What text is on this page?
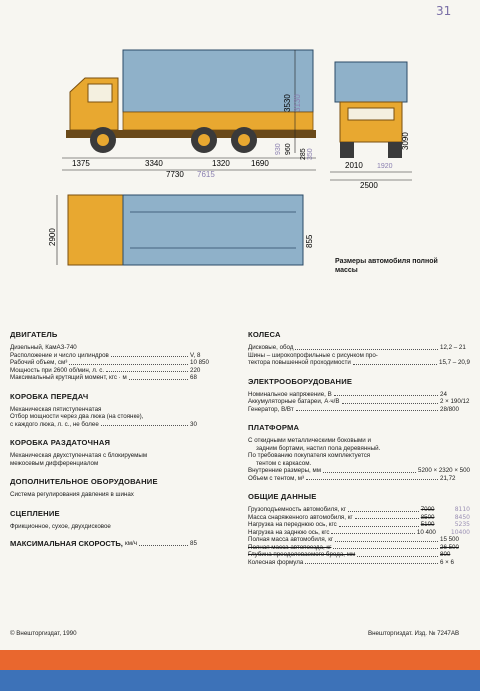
31
1375	3340	1320	1690
7730 7615
3530 3130
960
930	285 350
2010
2500
3090
1920
2900	855
Размеры автомобиля полной массы
ДВИГАТЕЛЬ
Дизельный, КамАЗ-740
Расположение и число цилиндров	V, 8
Рабочий объем, см³	10 850
Мощность при 2600 об/мин, л. с.	220
Максимальный крутящий момент, кгс · м	68
КОРОБКА ПЕРЕДАЧ
Механическая пятиступенчатая
Отбор мощности через два люка (на стоянке),
с каждого люка, л. с., не более	30
КОРОБКА РАЗДАТОЧНАЯ
Механическая двухступенчатая с блокируемым
межосевым дифференциалом
ДОПОЛНИТЕЛЬНОЕ ОБОРУДОВАНИЕ
Система регулирования давления в шинах
СЦЕПЛЕНИЕ
Фрикционное, сухое, двухдисковое
МАКСИМАЛЬНАЯ СКОРОСТЬ,
км/ч	85
КОЛЕСА
Дисковые, обод	12,2 – 21
Шины – широкопрофильные с рисунком про-
тектора повышенной проходимости	15,7 – 20,9
ЭЛЕКТРООБОРУДОВАНИЕ
Номинальное напряжение, В	24
Аккумуляторные батареи, А·ч/В	2 × 190/12
Генератор, В/Вт	28/800
ПЛАТФОРМА
С откидными металлическими боковыми и
задним бортами, настил пола деревянный.
По требованию покупателя комплектуется
тентом с каркасом.
Внутренние размеры, мм	5200 × 2320 × 500
Объем с тентом, м³	21,72
ОБЩИЕ ДАННЫЕ
Грузоподъемность автомобиля, кг	7000	8110
Масса снаряженного автомобиля, кг	8500	8450
Нагрузка на переднюю ось, кгс	5100	5235
Нагрузка на заднюю ось, кгс	10 400	10400
Полная масса автомобиля, кг	15 500
Полная масса автопоезда, кг	26 500
Глубина преодолеваемого брода, мм	800
Колесная формула	6 × 6
© Внешторгиздат, 1990	Внешторгиздат. Изд. № 7247АВ
